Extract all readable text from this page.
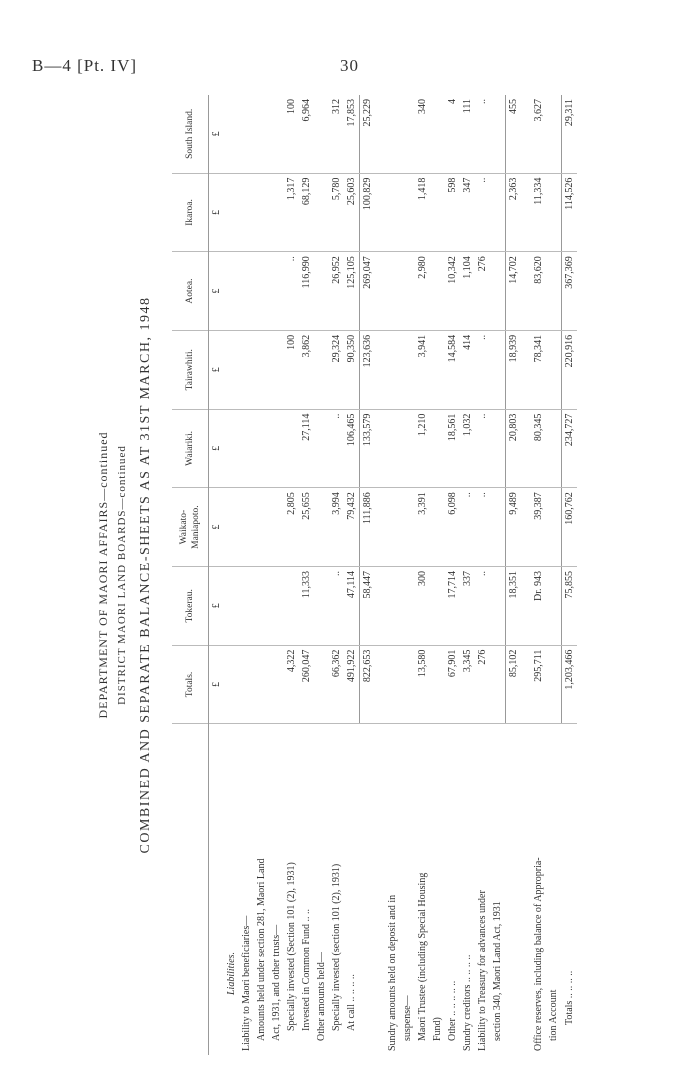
B—4 [Pt. IV]	30
DEPARTMENT OF MAORI AFFAIRS—continued DISTRICT MAORI LAND BOARDS—continued COMBINED AND SEPARATE BALANCE-SHEETS AS AT 31ST MARCH, 1948
		Totals.	Tokerau.	Waikato-Maniapoto.	Waiariki.	Tairawhiti.	Aotea.	Ikaroa.	South Island.
	£	£	£	£	£	£	£	£
Liabilities.								
Liability to Maori beneficiaries—								
Amounts held under section 281, Maori Land								
Act, 1931, and other trusts—								
Specially invested (Section 101 (2), 1931)	4,322		2,805		100	..	1,317	100
Invested in Common Fund .. ..	260,047	11,333	25,655	27,114	3,862	116,990	68,129	6,964
Other amounts held—								
Specially invested (section 101 (2), 1931)	66,362	..	3,994	..	29,324	26,952	5,780	312
At call .. .. .. ..	491,922	47,114	79,432	106,465	90,350	125,105	25,603	17,853
	822,653	58,447	111,886	133,579	123,636	269,047	100,829	25,229

Sundry amounts held on deposit and in								
suspense—								
Maori Trustee (including Special Housing	13,580	300	3,391	1,210	3,941	2,980	1,418	340
Fund)								
Other .. .. .. .. ..	67,901	17,714	6,098	18,561	14,584	10,342	598	4
Sundry creditors .. .. .. ..	3,345	337	..	1,032	414	1,104	347	111
Liability to Treasury for advances under	276	..	..	..	..	276	..	..
section 340, Maori Land Act, 1931								
	85,102	18,351	9,489	20,803	18,939	14,702	2,363	455

Office reserves, including balance of Appropria-	295,711	Dr. 943	39,387	80,345	78,341	83,620	11,334	3,627
tion Account								
Totals .. .. .. ..	1,203,466	75,855	160,762	234,727	220,916	367,369	114,526	29,311
